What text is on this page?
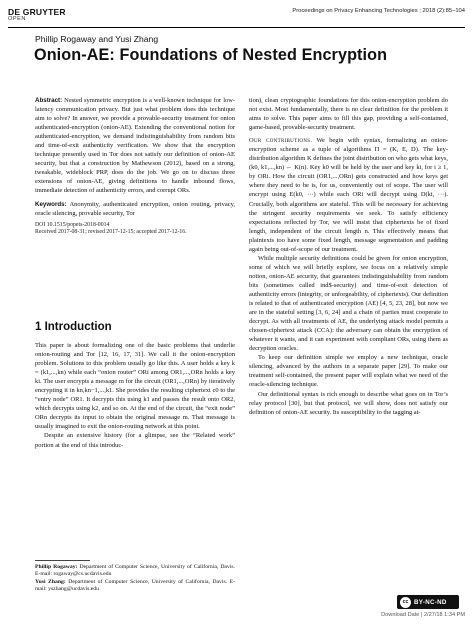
DE GRUYTER
OPEN
Proceedings on Privacy Enhancing Technologies ; 2018 (2):85–104
Phillip Rogaway and Yusi Zhang
Onion-AE: Foundations of Nested Encryption

Abstract: Nested symmetric encryption is a well-known technique for low-latency communication privacy. But just what problem does this technique aim to solve? In answer, we provide a provable-security treatment for onion authenticated-encryption (onion-AE). Extending the conventional notion for authenticated-encryption, we demand indistinguishability from random bits and time-of-exit authenticity verification. We show that the encryption technique presently used in Tor does not satisfy our definition of onion-AE security, but that a construction by Mathewson (2012), based on a strong, tweakable, wideblock PRP, does do the job. We go on to discuss three extensions of onion-AE, giving definitions to handle inbound flows, immediate detection of authenticity errors, and corrupt ORs.

Keywords: Anonymity, authenticated encryption, onion routing, privacy, oracle silencing, provable security, Tor

DOI 10.1515/popets-2018-0014

Received 2017-08-31; revised 2017-12-15; accepted 2017-12-16.

1 Introduction

This paper is about formalizing one of the basic problems that underlie onion-routing and Tor [12, 16, 17, 31]. We call it the onion-encryption problem. Solutions to this problem usually go like this. A user holds a key k = (k1,...,kn) while each “onion router” ORi among OR1,...,ORn holds a key ki. The user encrypts a message m for the circuit (OR1,...,ORn) by iteratively encrypting it in kn,kn−1,...,k1. She provides the resulting ciphertext c0 to the “entry node” OR1. It decrypts this using k1 and passes the result onto OR2, which decrypts using k2, and so on. At the end of the circuit, the “exit node” ORn decrypts its input to obtain the original message m. That message is usually imagined to exit the onion-routing network at this point.

Despite an extensive history (for a glimpse, see the “Related work” portion at the end of this introduc-

Phillip Rogaway: Department of Computer Science, University of California, Davis. E-mail: rogaway@cs.ucdavis.edu

Yusi Zhang: Department of Computer Science, University of California, Davis. E-mail: yszhang@ucdavis.edu

tion), clean cryptographic foundations for this onion-encryption problem do not exist. Most fundamentally, there is no clear definition for the problem it aims to solve. This paper aims to fill this gap, providing a self-contained, game-based, provable-security treatment.

Our contributions. We begin with syntax, formalizing an onion-encryption scheme as a tuple of algorithms Π = (K, E, D). The key-distribution algorithm K defines the joint distribution on who gets what keys, (k0, k1,...,kn) ← K(n). Key k0 will be held by the user and key ki, for i ≥ 1, by ORi. How the circuit (OR1,...,ORn) gets constructed and how keys get where they need to be is, for us, conveniently out of scope. The user will encrypt using E(k0, ···) while each ORi will decrypt using D(ki, ···). Crucially, both algorithms are stateful. This will be necessary for achieving the stringent security requirements we seek. To satisfy efficiency expectations reflected by Tor, we will insist that ciphertexts be of fixed length, independent of the circuit length n. This effectively means that plaintexts too have some fixed length, message segmentation and padding again being out-of-scope of our treatment.

While multiple security definitions could be given for onion encryption, some of which we will briefly explore, we focus on a relatively simple notion, onion-AE security, that guarantees indistinguishability from random bits (sometimes called ind$-security) and time-of-exit detection of authenticity errors (integrity, or unforgeability, of ciphertexts). Our definition is related to that of authenticated encryption (AE) [4, 5, 23, 28], but now we are in the stateful setting [3, 6, 24] and a chain of parties must cooperate to decrypt. As with all treatments of AE, the underlying attack model permits a chosen-ciphertext attack (CCA): the adversary can obtain the encryption of whatever it wants, and it can experiment with compliant ORs, using them as decryption oracles.

To keep our definition simple we employ a new technique, oracle silencing, advanced by the authors in a separate paper [29]. To make our treatment self-contained, the present paper will explain what we need of the oracle-silencing technique.

Our definitional syntax is rich enough to describe what goes on in Tor’s relay protocol [30], but that protocol, we will show, does not satisfy our definition of onion-AE security. Its susceptibility to the tagging at-

cc BY-NC-ND
Download Date | 2/27/18 1:34 PM
